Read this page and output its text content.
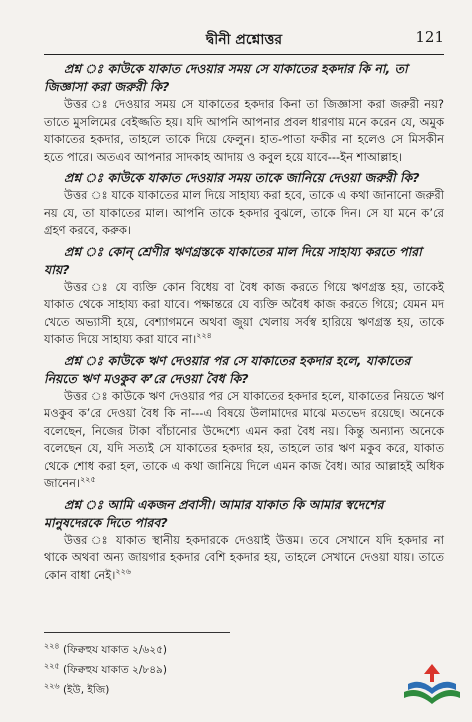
দ্বীনী প্রশ্নোত্তর	121

প্রশ্ন ঃ কাউকে যাকাত দেওয়ার সময় সে যাকাতের হকদার কি না, তা জিজ্ঞাসা করা জরুরী কি?

উত্তর ঃ দেওয়ার সময় সে যাকাতের হকদার কিনা তা জিজ্ঞাসা করা জরুরী নয়? তাতে মুসলিমের বেইজ্জতি হয়। যদি আপনি আপনার প্রবল ধারণায় মনে করেন যে, অমুক যাকাতের হকদার, তাহলে তাকে দিয়ে ফেলুন। হাত-পাতা ফকীর না হলেও সে মিসকীন হতে পারে। অতএব আপনার সাদকাহ আদায় ও কবুল হয়ে যাবে---ইন শাআল্লাহ।

প্রশ্ন ঃ কাউকে যাকাত দেওয়ার সময় তাকে জানিয়ে দেওয়া জরুরী কি?

উত্তর ঃ যাকে যাকাতের মাল দিয়ে সাহায্য করা হবে, তাকে এ কথা জানানো জরুরী নয় যে, তা যাকাতের মাল। আপনি তাকে হকদার বুঝলে, তাকে দিন। সে যা মনে ক’রে গ্রহণ করবে, করুক।

প্রশ্ন ঃ কোন্ শ্রেণীর ঋণগ্রস্তকে যাকাতের মাল দিয়ে সাহায্য করতে পারা যায়?

উত্তর ঃ যে ব্যক্তি কোন বিধেয় বা বৈধ কাজ করতে গিয়ে ঋণগ্রস্ত হয়, তাকেই যাকাত থেকে সাহায্য করা যাবে। পক্ষান্তরে যে ব্যক্তি অবৈধ কাজ করতে গিয়ে; যেমন মদ খেতে অভ্যাসী হয়ে, বেশ্যাগমনে অথবা জুয়া খেলায় সর্বস্ব হারিয়ে ঋণগ্রস্ত হয়, তাকে যাকাত দিয়ে সাহায্য করা যাবে না।$^{২২৪}$

প্রশ্ন ঃ কাউকে ঋণ দেওয়ার পর সে যাকাতের হকদার হলে, যাকাতের নিয়তে ঋণ মওকুব ক’রে দেওয়া বৈধ কি?

উত্তর ঃ কাউকে ঋণ দেওয়ার পর সে যাকাতের হকদার হলে, যাকাতের নিয়তে ঋণ মওকুব ক’রে দেওয়া বৈধ কি না---এ বিষয়ে উলামাদের মাঝে মতভেদ রয়েছে। অনেকে বলেছেন, নিজের টাকা বাঁচানোর উদ্দেশ্যে এমন করা বৈধ নয়। কিন্তু অন্যান্য অনেকে বলেছেন যে, যদি সত্যই সে যাকাতের হকদার হয়, তাহলে তার ঋণ মকুব করে, যাকাত থেকে শোধ করা হল, তাকে এ কথা জানিয়ে দিলে এমন কাজ বৈধ। আর আল্লাহই অধিক জানেন।$^{২২৫}$

প্রশ্ন ঃ আমি একজন প্রবাসী। আমার যাকাত কি আমার স্বদেশের মানুষদেরকে দিতে পারব?

উত্তর ঃ যাকাত স্থানীয় হকদারকে দেওয়াই উত্তম। তবে সেখানে যদি হকদার না থাকে অথবা অন্য জায়গার হকদার বেশি হকদার হয়, তাহলে সেখানে দেওয়া যায়। তাতে কোন বাধা নেই।$^{২২৬}$

$^{২২৪}$ (ফিক্বহুয যাকাত ২/৬২৫)
$^{২২৫}$ (ফিক্বহুয যাকাত ২/৮৪৯)
$^{২২৬}$ (ইউ, ইজি)
